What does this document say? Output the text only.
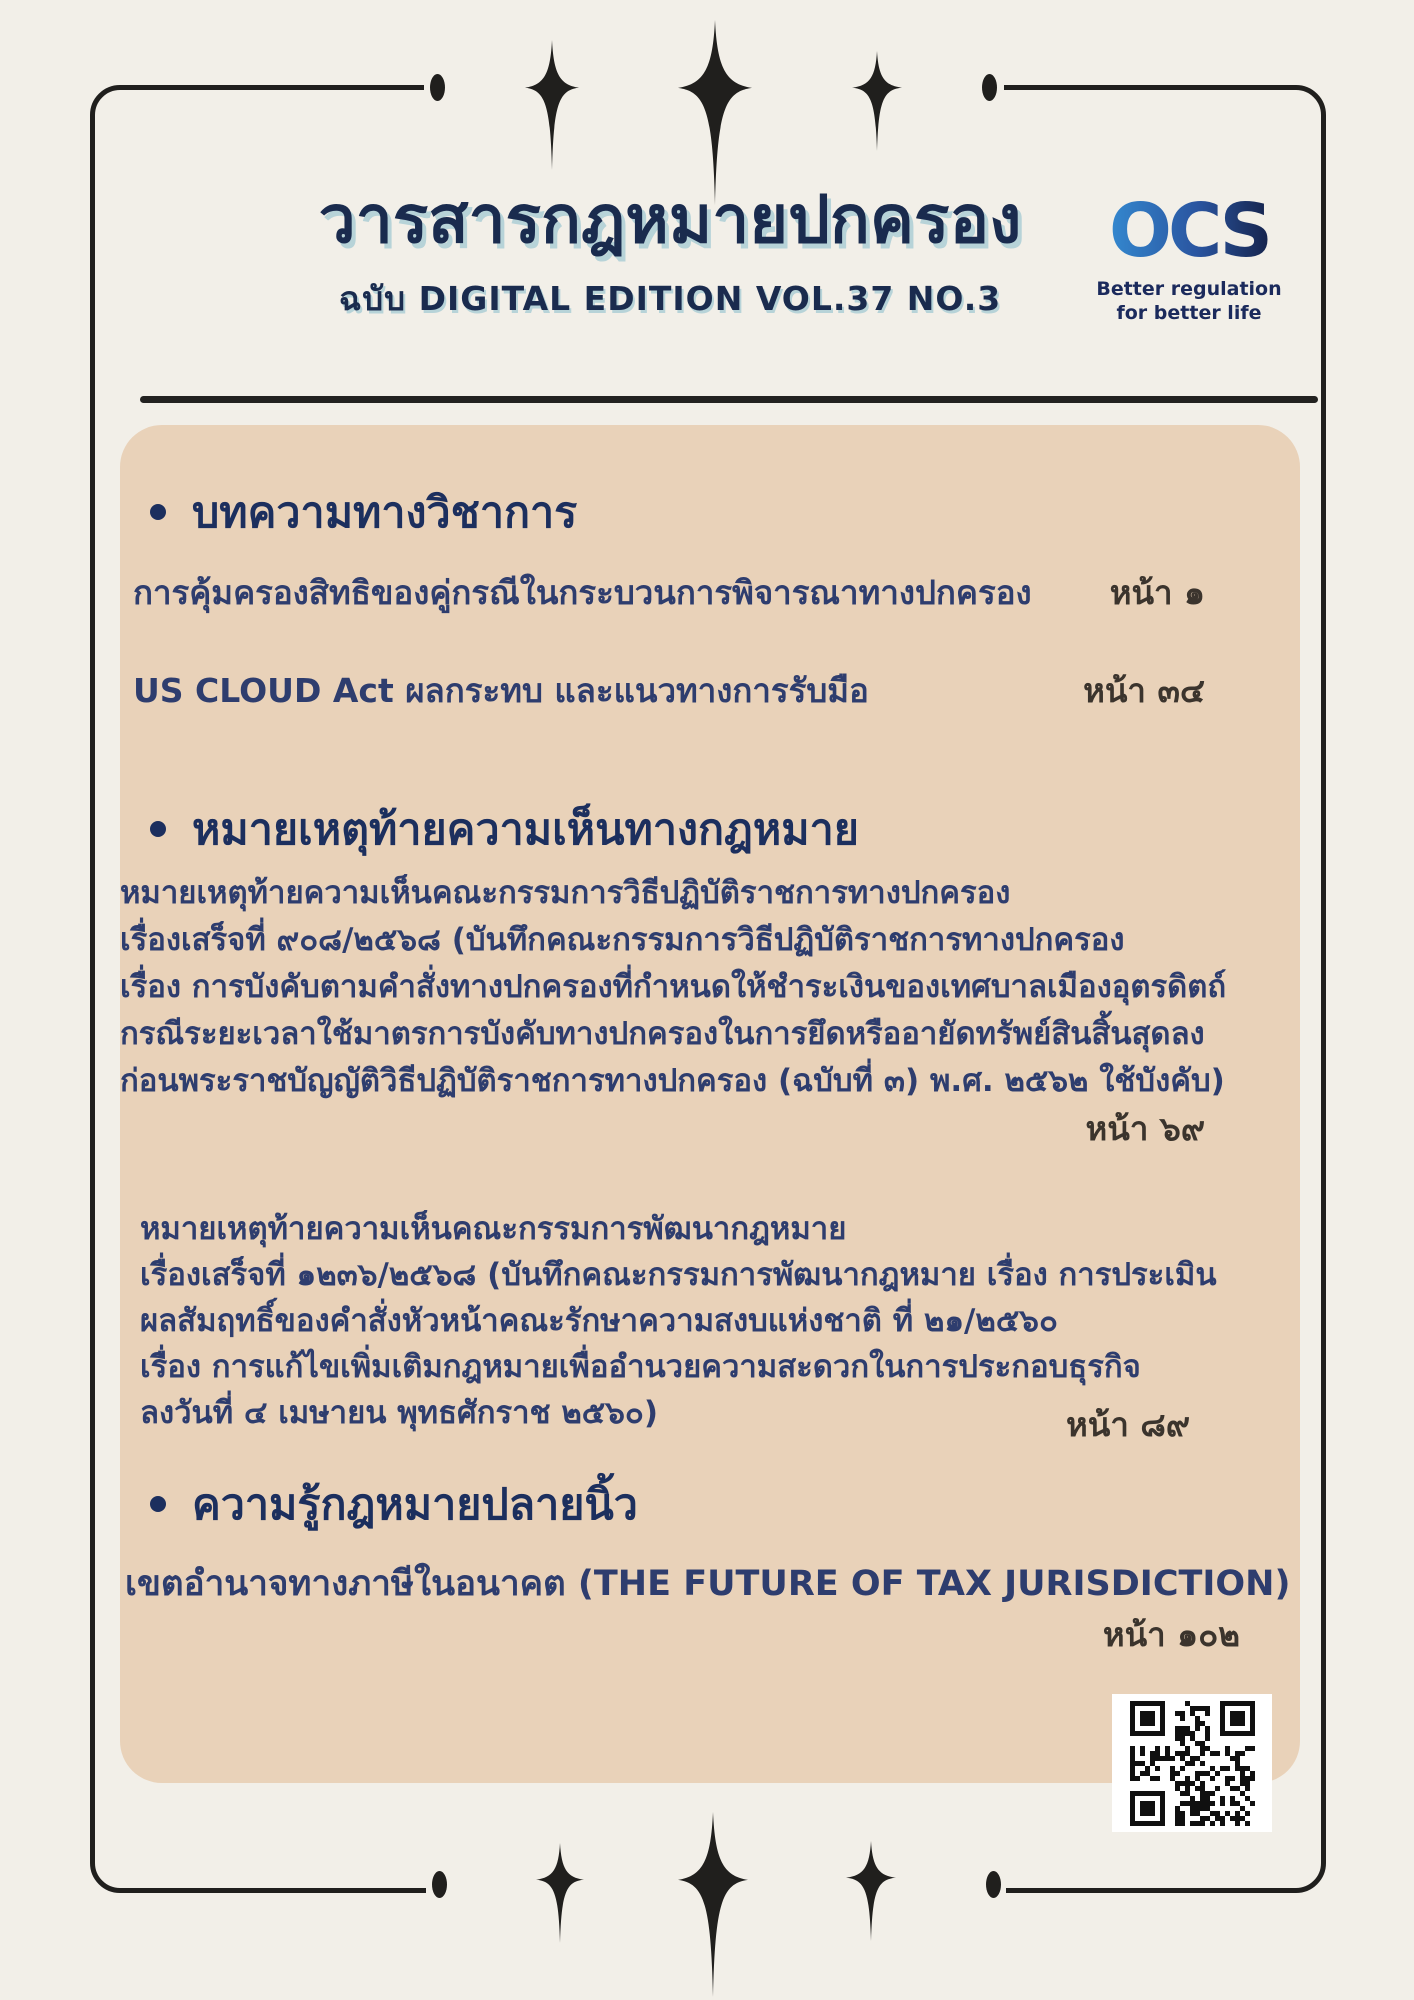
วารสารกฎหมายปกครอง
ฉบับ DIGITAL EDITION VOL.37 NO.3
OCS
Better regulation
for better life
บทความทางวิชาการ
การคุ้มครองสิทธิของคู่กรณีในกระบวนการพิจารณาทางปกครอง หน้า ๑
US CLOUD Act ผลกระทบ และแนวทางการรับมือ	หน้า ๓๔
หมายเหตุท้ายความเห็นทางกฎหมาย
หมายเหตุท้ายความเห็นคณะกรรมการวิธีปฏิบัติราชการทางปกครอง
เรื่องเสร็จที่ ๙๐๘/๒๕๖๘ (บันทึกคณะกรรมการวิธีปฏิบัติราชการทางปกครอง
เรื่อง การบังคับตามคำสั่งทางปกครองที่กำหนดให้ชำระเงินของเทศบาลเมืองอุตรดิตถ์
กรณีระยะเวลาใช้มาตรการบังคับทางปกครองในการยึดหรืออายัดทรัพย์สินสิ้นสุดลง
ก่อนพระราชบัญญัติวิธีปฏิบัติราชการทางปกครอง (ฉบับที่ ๓) พ.ศ. ๒๕๖๒ ใช้บังคับ)
หน้า ๖๙
หมายเหตุท้ายความเห็นคณะกรรมการพัฒนากฎหมาย
เรื่องเสร็จที่ ๑๒๓๖/๒๕๖๘ (บันทึกคณะกรรมการพัฒนากฎหมาย เรื่อง การประเมิน
ผลสัมฤทธิ์ของคำสั่งหัวหน้าคณะรักษาความสงบแห่งชาติ ที่ ๒๑/๒๕๖๐
เรื่อง การแก้ไขเพิ่มเติมกฎหมายเพื่ออำนวยความสะดวกในการประกอบธุรกิจ
ลงวันที่ ๔ เมษายน พุทธศักราช ๒๕๖๐)	หน้า ๘๙
ความรู้กฎหมายปลายนิ้ว
เขตอำนาจทางภาษีในอนาคต (THE FUTURE OF TAX JURISDICTION)
หน้า ๑๐๒
